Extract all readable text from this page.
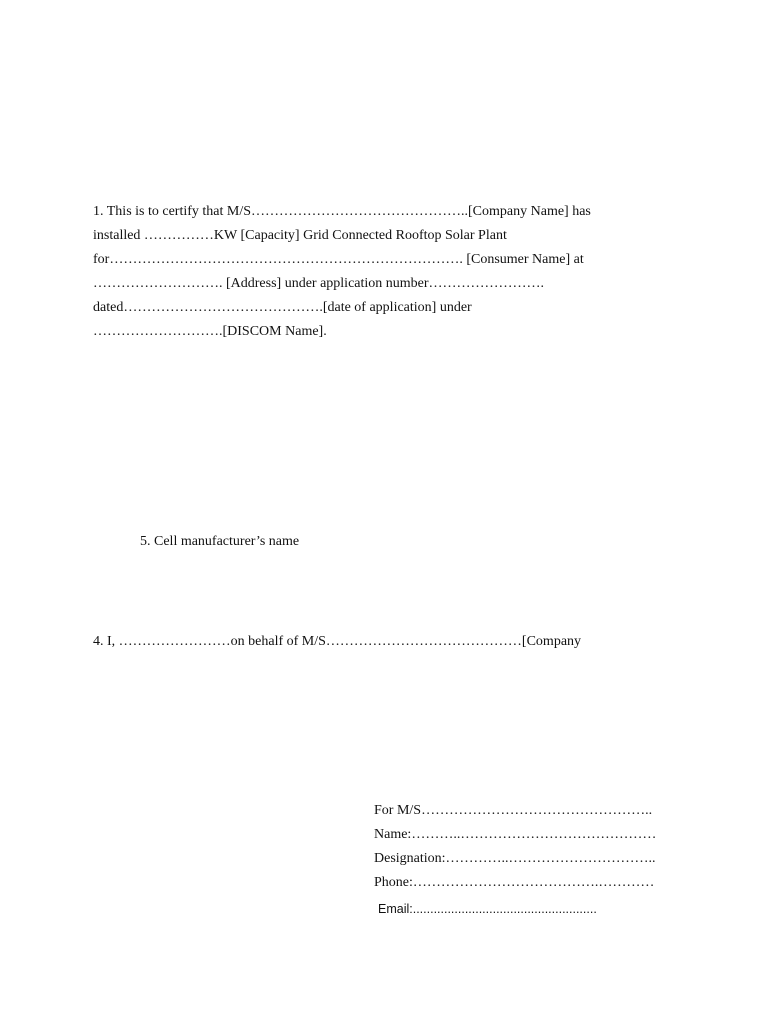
1. This is to certify that M/S………………………………………..[Company Name] has
installed ……………KW [Capacity] Grid Connected Rooftop Solar Plant
for…………………………………………………………………. [Consumer Name] at
………………………. [Address] under application number…………………….
dated…………………………………….[date of application] under
……………………….[DISCOM Name].
5. Cell manufacturer’s name
4. I, ……………………on behalf of M/S……………………………………[Company
For M/S…………………………………………..
Name:………..……………………………………
Designation:…………..…………………………..
Phone:………………………………….…………
Email:.....................................................
